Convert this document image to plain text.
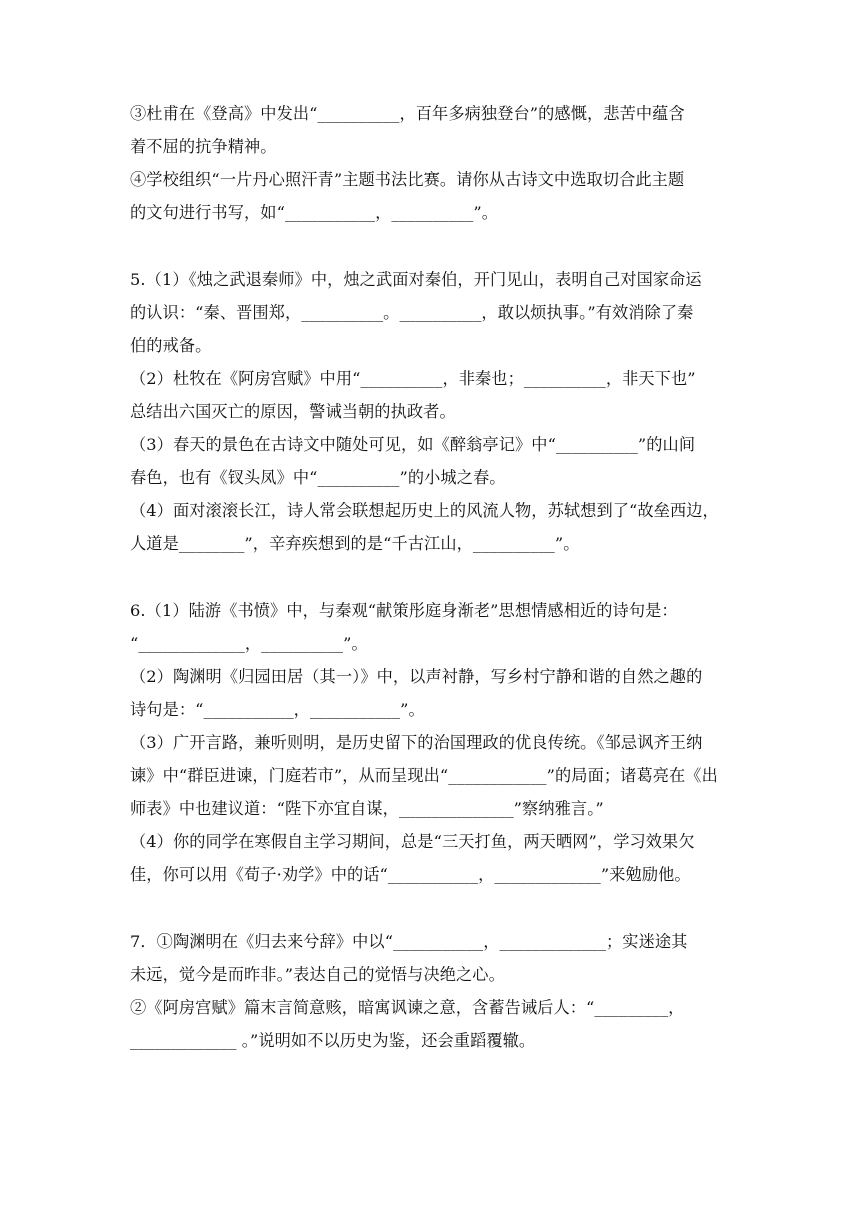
③杜甫在《登高》中发出“__________，百年多病独登台”的感慨，悲苦中蕴含
着不屈的抗争精神。
④学校组织“一片丹心照汗青”主题书法比赛。请你从古诗文中选取切合此主题
的文句进行书写，如“___________，__________”。
5.（1）《烛之武退秦师》中，烛之武面对秦伯，开门见山，表明自己对国家命运
的认识：“秦、晋围郑，__________。__________，敢以烦执事。”有效消除了秦
伯的戒备。
（2）杜牧在《阿房宫赋》中用“__________，非秦也；__________，非天下也”
总结出六国灭亡的原因，警诫当朝的执政者。
（3）春天的景色在古诗文中随处可见，如《醉翁亭记》中“__________”的山间
春色，也有《钗头凤》中“__________”的小城之春。
（4）面对滚滚长江，诗人常会联想起历史上的风流人物，苏轼想到了“故垒西边，
人道是________”，辛弃疾想到的是“千古江山，__________”。
6.（1）陆游《书愤》中，与秦观“献策彤庭身渐老”思想情感相近的诗句是：
“_____________，__________”。
（2）陶渊明《归园田居（其一）》中，以声衬静，写乡村宁静和谐的自然之趣的
诗句是：“___________，___________”。
（3）广开言路，兼听则明，是历史留下的治国理政的优良传统。《邹忌讽齐王纳
谏》中“群臣进谏，门庭若市”，从而呈现出“____________”的局面；诸葛亮在《出
师表》中也建议道：“陛下亦宜自谋，______________”察纳雅言。”
（4）你的同学在寒假自主学习期间，总是“三天打鱼，两天晒网”，学习效果欠
佳，你可以用《荀子·劝学》中的话“___________，_____________”来勉励他。
7．①陶渊明在《归去来兮辞》中以“___________，_____________；实迷途其
未远，觉今是而昨非。”表达自己的觉悟与决绝之心。
②《阿房宫赋》篇末言简意赅，暗寓讽谏之意，含蓄告诫后人：“_________，
_____________ 。”说明如不以历史为鉴，还会重蹈覆辙。
